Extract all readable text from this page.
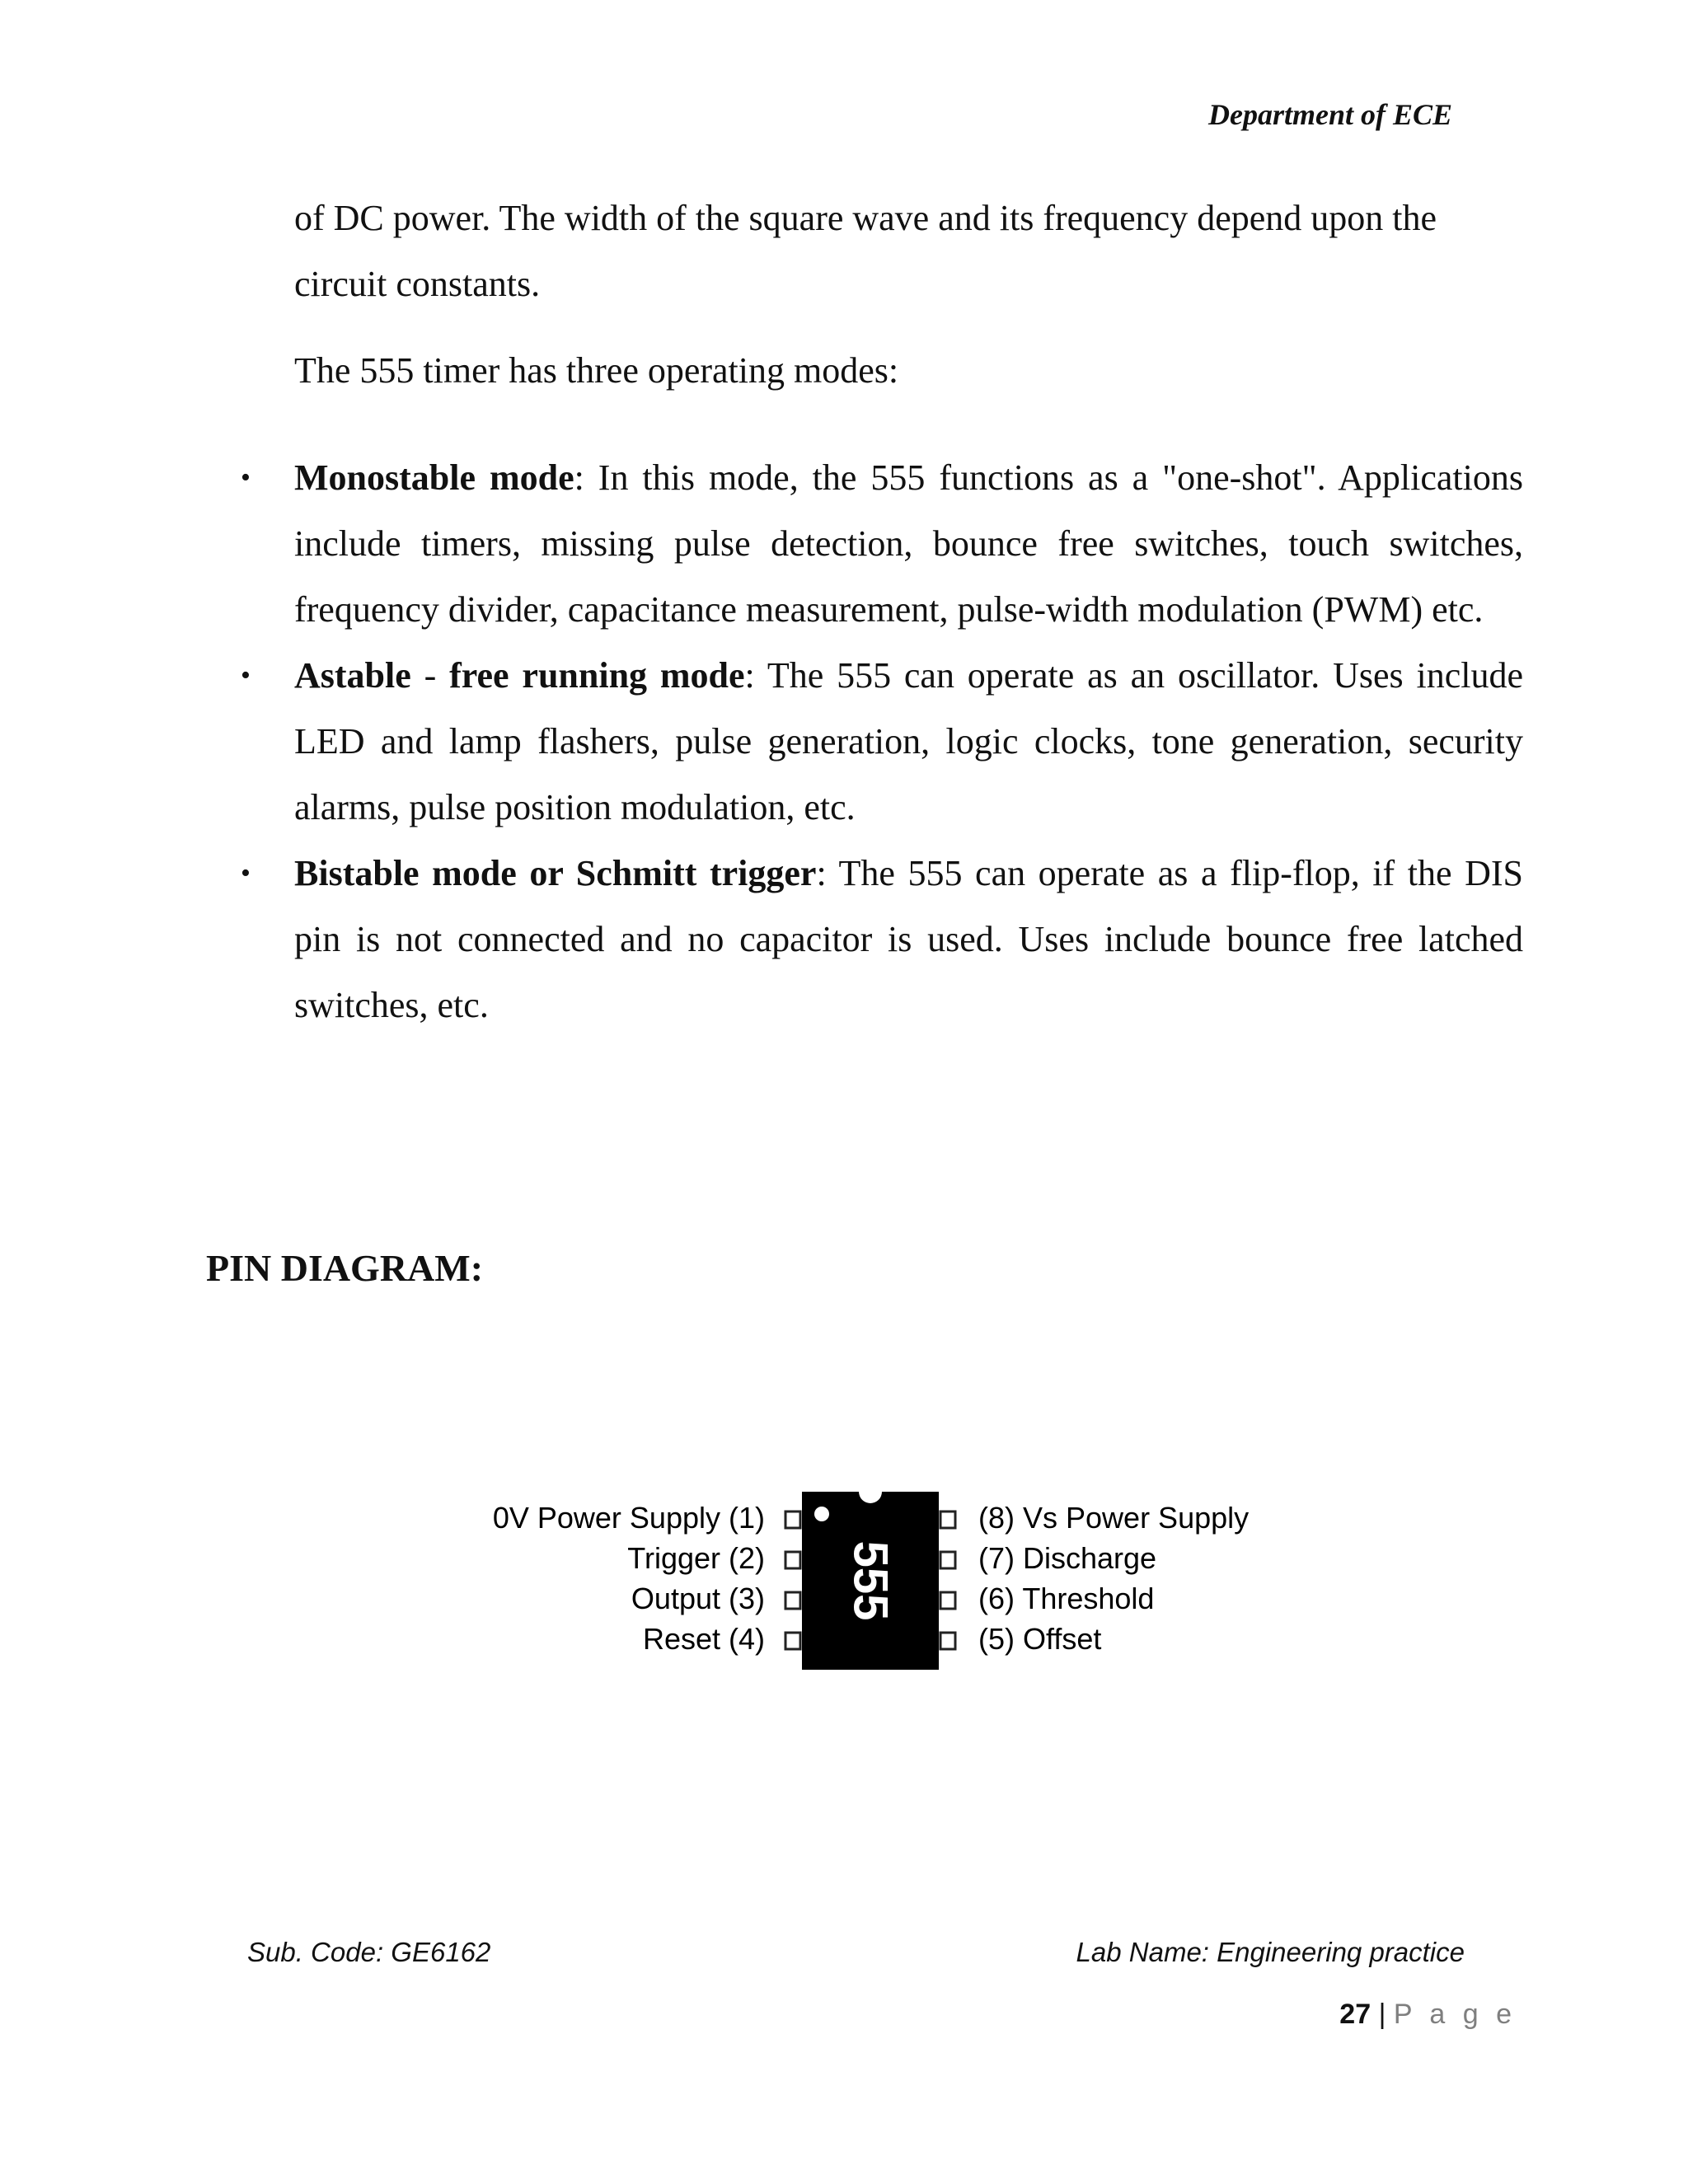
Department of ECE

of DC power. The width of the square wave and its frequency depend upon the circuit constants.

The 555 timer has three operating modes:

• Monostable mode: In this mode, the 555 functions as a "one-shot". Applications include timers, missing pulse detection, bounce free switches, touch switches, frequency divider, capacitance measurement, pulse-width modulation (PWM) etc.
• Astable - free running mode: The 555 can operate as an oscillator. Uses include LED and lamp flashers, pulse generation, logic clocks, tone generation, security alarms, pulse position modulation, etc.
• Bistable mode or Schmitt trigger: The 555 can operate as a flip-flop, if the DIS pin is not connected and no capacitor is used. Uses include bounce free latched switches, etc.
PIN DIAGRAM:
0V Power Supply (1)
Trigger (2)
Output (3)
Reset (4)
555
(8) Vs Power Supply
(7) Discharge
(6) Threshold
(5) Offset
Sub. Code: GE6162	Lab Name: Engineering practice
27 | P a g e
